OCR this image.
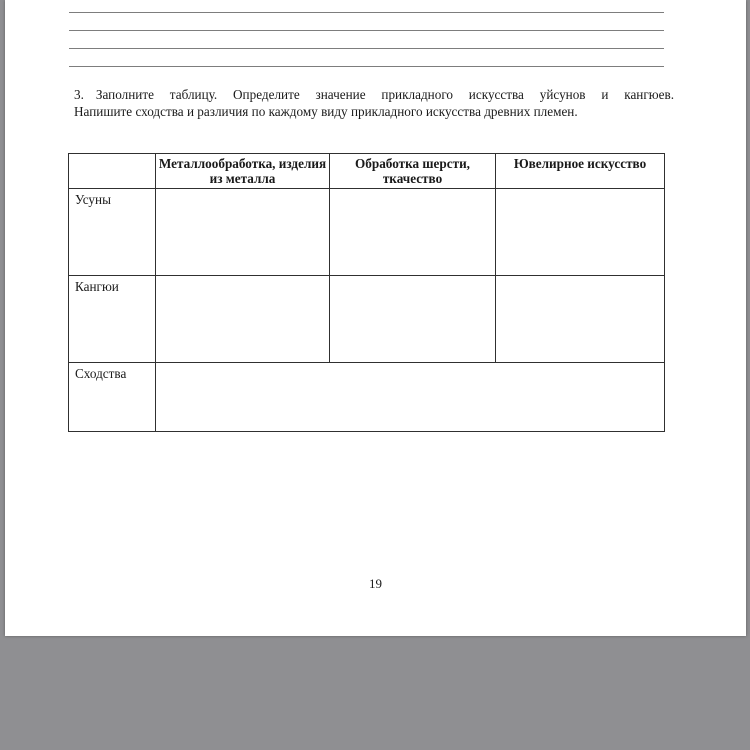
3. Заполните таблицу. Определите значение прикладного искусства уйсунов и кангюев.
Напишите сходства и различия по каждому виду прикладного искусства древних племен.
	Металлообработка, изделия из металла	Обработка шерсти, ткачество	Ювелирное искусство
Усуны			
Кангюи			
Сходства			
19
